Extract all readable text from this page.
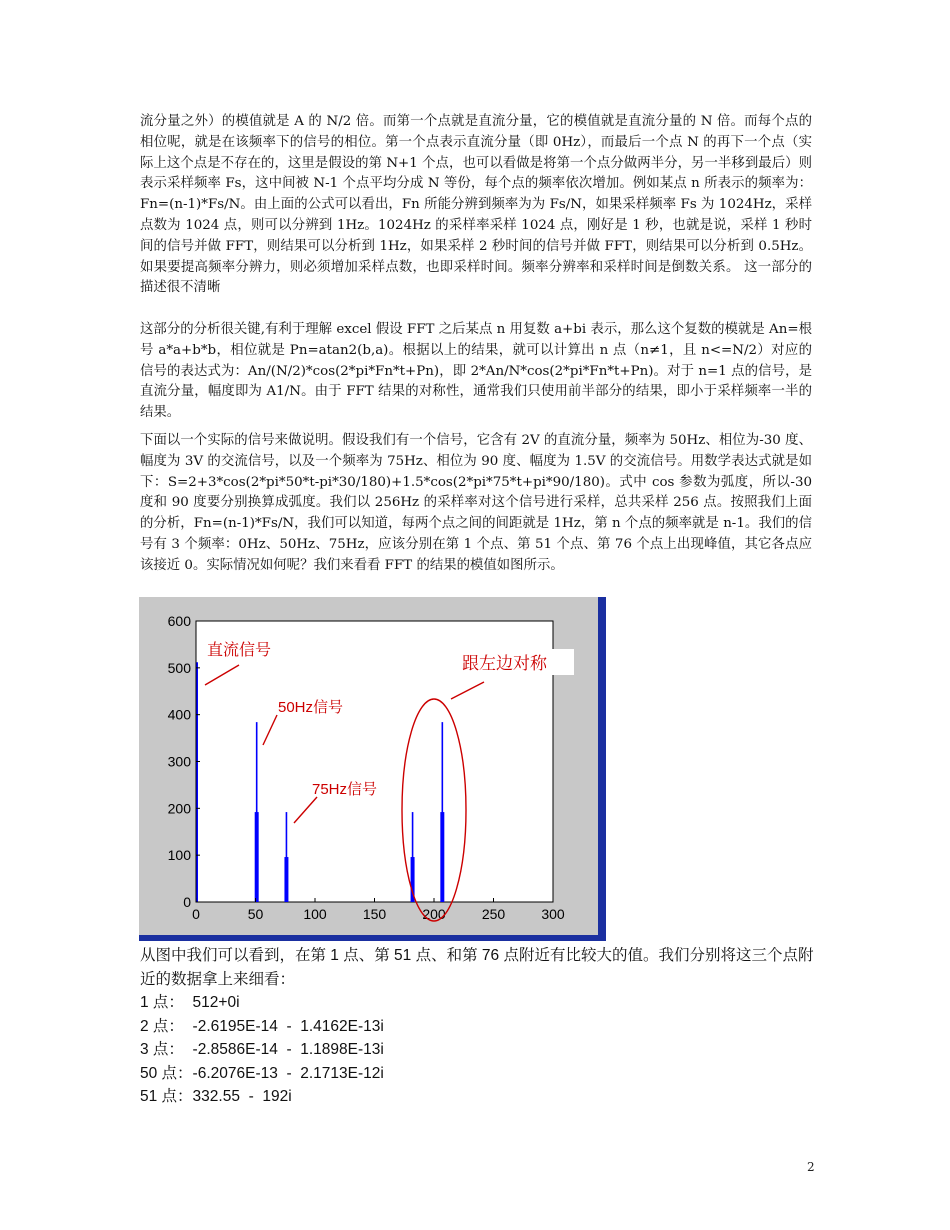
流分量之外）的模值就是 A 的 N/2 倍。而第一个点就是直流分量，它的模值就是直流分量的 N 倍。而每个点的相位呢，就是在该频率下的信号的相位。第一个点表示直流分量（即 0Hz），而最后一个点 N 的再下一个点（实际上这个点是不存在的，这里是假设的第 N+1 个点，也可以看做是将第一个点分做两半分，另一半移到最后）则表示采样频率 Fs，这中间被 N-1 个点平均分成 N 等份，每个点的频率依次增加。例如某点 n 所表示的频率为：Fn=(n-1)*Fs/N。由上面的公式可以看出，Fn 所能分辨到频率为为 Fs/N，如果采样频率 Fs 为 1024Hz，采样点数为 1024 点，则可以分辨到 1Hz。1024Hz 的采样率采样 1024 点，刚好是 1 秒，也就是说，采样 1 秒时间的信号并做 FFT，则结果可以分析到 1Hz，如果采样 2 秒时间的信号并做 FFT，则结果可以分析到 0.5Hz。如果要提高频率分辨力，则必须增加采样点数，也即采样时间。频率分辨率和采样时间是倒数关系。 这一部分的描述很不清晰

这部分的分析很关键,有利于理解 excel 假设 FFT 之后某点 n 用复数 a+bi 表示，那么这个复数的模就是 An=根号 a*a+b*b，相位就是 Pn=atan2(b,a)。根据以上的结果，就可以计算出 n 点（n≠1，且 n<=N/2）对应的信号的表达式为：An/(N/2)*cos(2*pi*Fn*t+Pn)，即 2*An/N*cos(2*pi*Fn*t+Pn)。对于 n=1 点的信号，是直流分量，幅度即为 A1/N。由于 FFT 结果的对称性，通常我们只使用前半部分的结果，即小于采样频率一半的结果。

下面以一个实际的信号来做说明。假设我们有一个信号，它含有 2V 的直流分量，频率为 50Hz、相位为-30 度、幅度为 3V 的交流信号，以及一个频率为 75Hz、相位为 90 度、幅度为 1.5V 的交流信号。用数学表达式就是如下：S=2+3*cos(2*pi*50*t-pi*30/180)+1.5*cos(2*pi*75*t+pi*90/180)。式中 cos 参数为弧度，所以-30 度和 90 度要分别换算成弧度。我们以 256Hz 的采样率对这个信号进行采样，总共采样 256 点。按照我们上面的分析，Fn=(n-1)*Fs/N，我们可以知道，每两个点之间的间距就是 1Hz，第 n 个点的频率就是 n-1。我们的信号有 3 个频率：0Hz、50Hz、75Hz，应该分别在第 1 个点、第 51 个点、第 76 个点上出现峰值，其它各点应该接近 0。实际情况如何呢？我们来看看 FFT 的结果的模值如图所示。

0	50	100	150	200	250	300
0
100
200
300
400
500
600
直流信号
50Hz信号
75Hz信号
跟左边对称

从图中我们可以看到，在第 1 点、第 51 点、和第 76 点附近有比较大的值。我们分别将这三个点附近的数据拿上来细看：

1 点：  512+0i
2 点：  -2.6195E-14  -  1.4162E-13i
3 点：  -2.8586E-14  -  1.1898E-13i
50 点：-6.2076E-13  -  2.1713E-12i
51 点：332.55  -  192i
2
